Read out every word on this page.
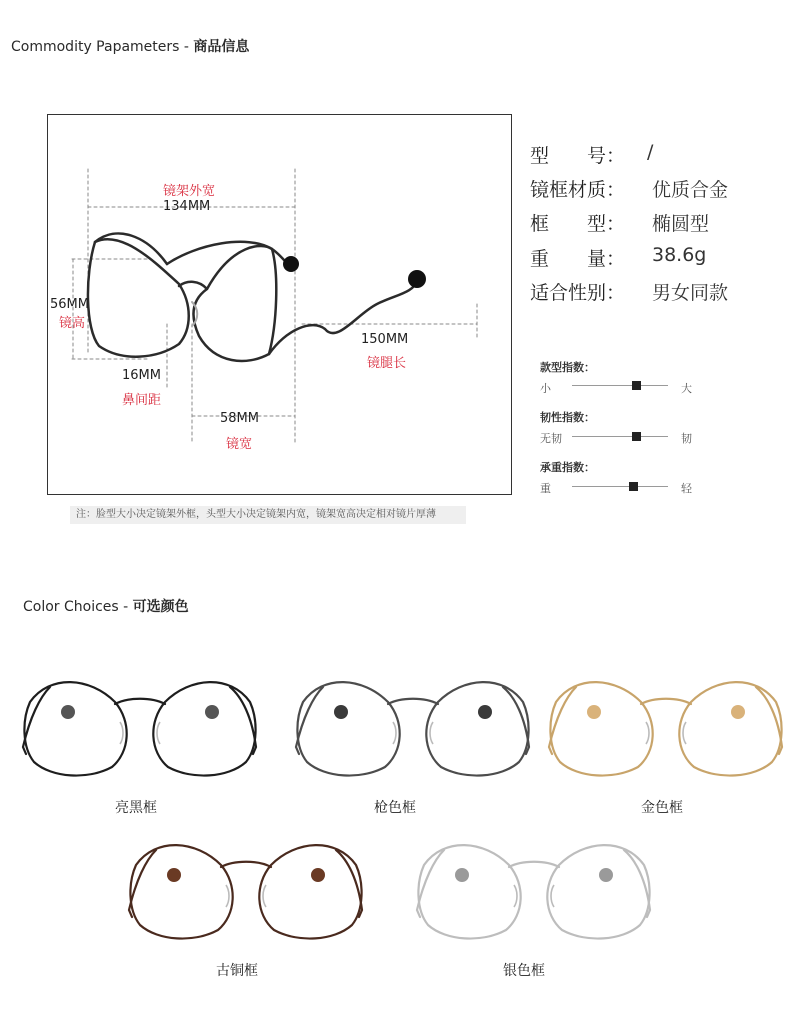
Commodity Papameters - 商品信息
镜架外宽
134MM
56MM
镜高
16MM
鼻间距
58MM
镜宽
150MM
镜腿长
注：脸型大小决定镜架外框，头型大小决定镜架内宽，镜架宽高决定相对镜片厚薄
型　　号： /
镜框材质： 优质合金
框　　型： 椭圆型
重　　量： 38.6g
适合性别： 男女同款
款型指数：
小	大
韧性指数：
无韧	韧
承重指数：
重	轻
Color Choices - 可选颜色
亮黑框	枪色框	金色框
古铜框	银色框
